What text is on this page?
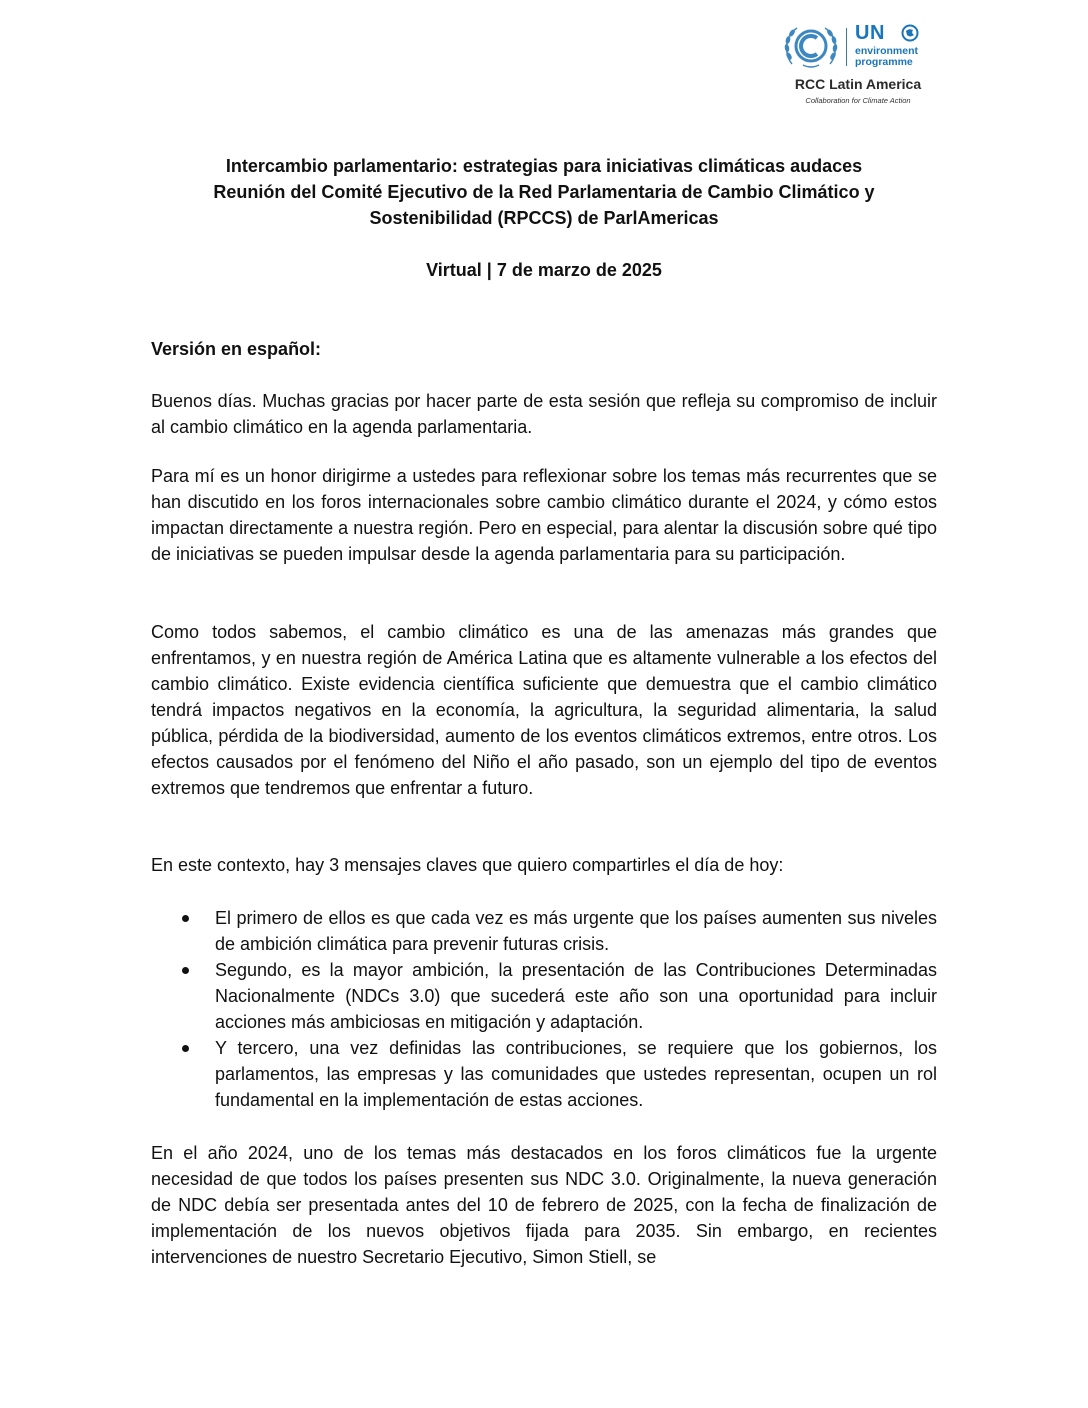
UN
environment
programme
RCC Latin America
Collaboration for Climate Action
Intercambio parlamentario: estrategias para iniciativas climáticas audaces
Reunión del Comité Ejecutivo de la Red Parlamentaria de Cambio Climático y
Sostenibilidad (RPCCS) de ParlAmericas
Virtual | 7 de marzo de 2025
Versión en español:

Buenos días. Muchas gracias por hacer parte de esta sesión que refleja su compromiso de incluir al cambio climático en la agenda parlamentaria.

Para mí es un honor dirigirme a ustedes para reflexionar sobre los temas más recurrentes que se han discutido en los foros internacionales sobre cambio climático durante el 2024, y cómo estos impactan directamente a nuestra región. Pero en especial, para alentar la discusión sobre qué tipo de iniciativas se pueden impulsar desde la agenda parlamentaria para su participación.

Como todos sabemos, el cambio climático es una de las amenazas más grandes que enfrentamos, y en nuestra región de América Latina que es altamente vulnerable a los efectos del cambio climático. Existe evidencia científica suficiente que demuestra que el cambio climático tendrá impactos negativos en la economía, la agricultura, la seguridad alimentaria, la salud pública, pérdida de la biodiversidad, aumento de los eventos climáticos extremos, entre otros. Los efectos causados por el fenómeno del Niño el año pasado, son un ejemplo del tipo de eventos extremos que tendremos que enfrentar a futuro.

En este contexto, hay 3 mensajes claves que quiero compartirles el día de hoy:

El primero de ellos es que cada vez es más urgente que los países aumenten sus niveles de ambición climática para prevenir futuras crisis.
Segundo, es la mayor ambición, la presentación de las Contribuciones Determinadas Nacionalmente (NDCs 3.0) que sucederá este año son una oportunidad para incluir acciones más ambiciosas en mitigación y adaptación.
Y tercero, una vez definidas las contribuciones, se requiere que los gobiernos, los parlamentos, las empresas y las comunidades que ustedes representan, ocupen un rol fundamental en la implementación de estas acciones.

En el año 2024, uno de los temas más destacados en los foros climáticos fue la urgente necesidad de que todos los países presenten sus NDC 3.0. Originalmente, la nueva generación de NDC debía ser presentada antes del 10 de febrero de 2025, con la fecha de finalización de implementación de los nuevos objetivos fijada para 2035. Sin embargo, en recientes intervenciones de nuestro Secretario Ejecutivo, Simon Stiell, se
